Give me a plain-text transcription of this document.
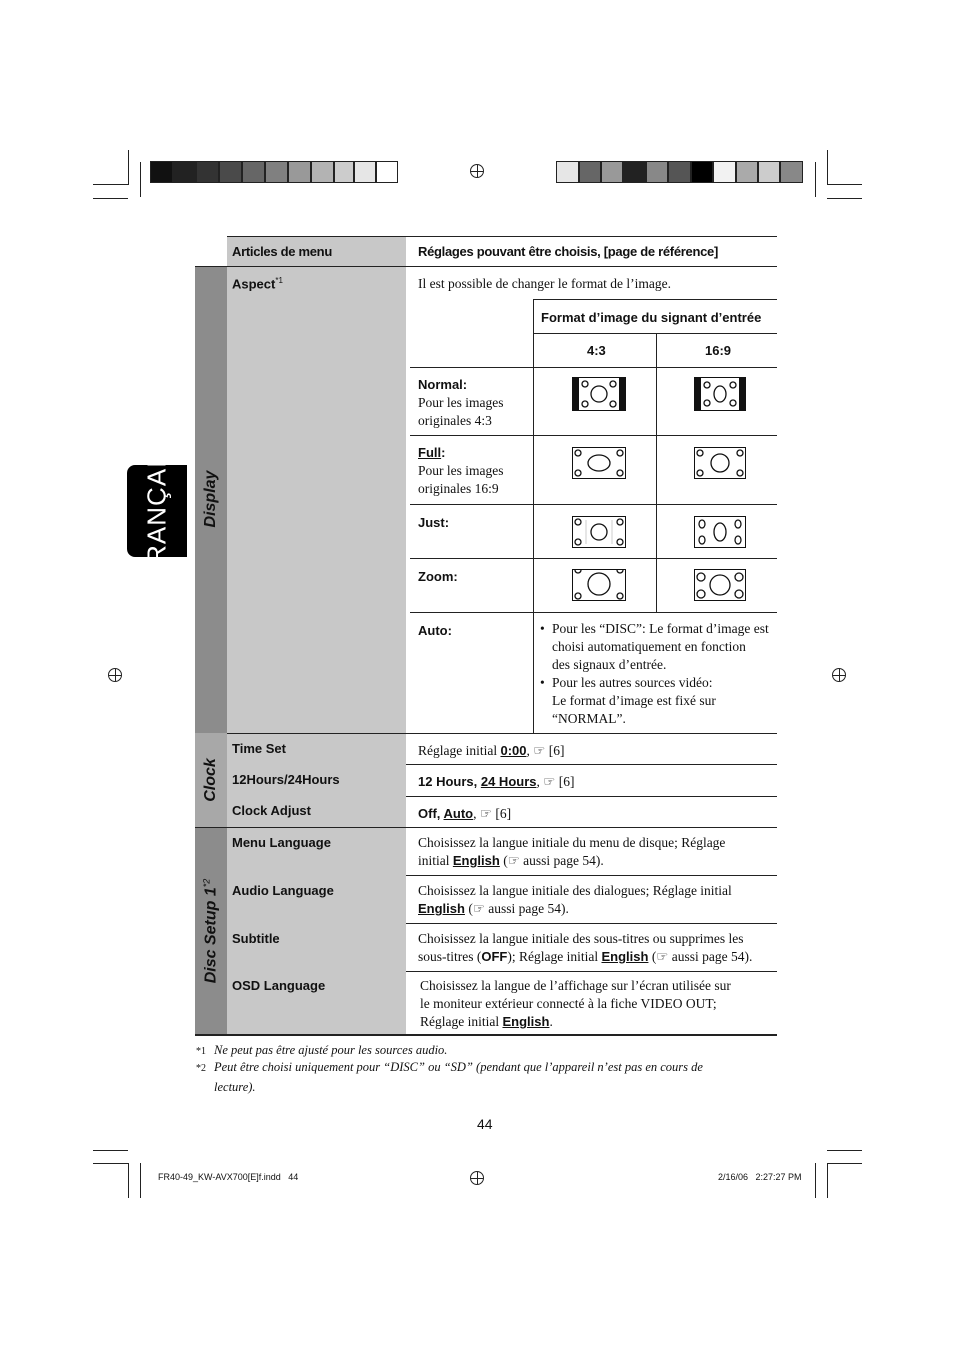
FRANÇAIS Display
Clock
Disc Setup 1$^{*2}$
Articles de menu	Réglages pouvant être choisis, [page de référence]
Aspect$^{*1}$	Il est possible de changer le format de l’image.
Format d’image du signant d’entrée
4:3	16:9
Normal:
Pour les images
originales 4:3
Full:
Pour les images
originales 16:9
Just:
Zoom:
Auto:	• Pour les “DISC”: Le format d’image est
choisi automatiquement en fonction
des signaux d’entrée.
• Pour les autres sources vidéo:
Le format d’image est fixé sur
“NORMAL”.
Time Set	Réglage initial 0:00, ☞ [6]
12Hours/24Hours	12 Hours, 24 Hours, ☞ [6]
Clock Adjust	Off, Auto, ☞ [6]
Menu Language	Choisissez la langue initiale du menu de disque; Réglage
initial English (☞ aussi page 54).
Audio Language	Choisissez la langue initiale des dialogues; Réglage initial
English (☞ aussi page 54).
Subtitle	Choisissez la langue initiale des sous-titres ou supprimes les
sous-titres (OFF); Réglage initial English (☞ aussi page 54).
OSD Language	Choisissez la langue de l’affichage sur l’écran utilisée sur
le moniteur extérieur connecté à la fiche VIDEO OUT;
Réglage initial English.
*1 Ne peut pas être ajusté pour les sources audio.
*2 Peut être choisi uniquement pour “DISC” ou “SD” (pendant que l’appareil n’est pas en cours de
lecture).
44
FR40-49_KW-AVX700[E]f.indd   44	2/16/06   2:27:27 PM
